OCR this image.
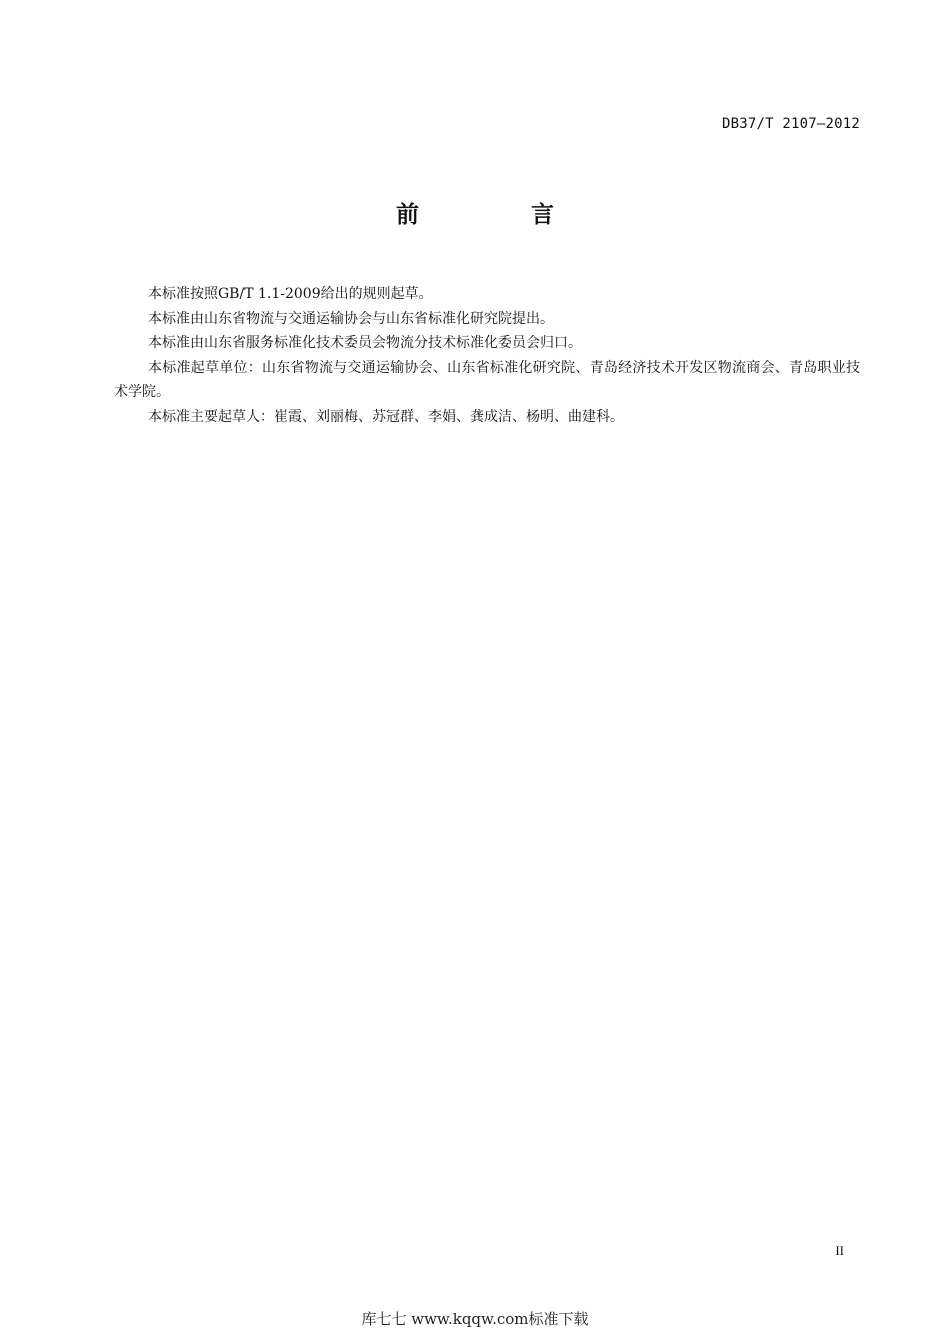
DB37/T 2107—2012
前 言

本标准按照GB/T 1.1-2009给出的规则起草。

本标准由山东省物流与交通运输协会与山东省标准化研究院提出。

本标准由山东省服务标准化技术委员会物流分技术标准化委员会归口。

本标准起草单位：山东省物流与交通运输协会、山东省标准化研究院、青岛经济技术开发区物流商会、青岛职业技术学院。

本标准主要起草人：崔霞、刘丽梅、苏冠群、李娟、龚成洁、杨明、曲建科。

II
库七七 www.kqqw.com标准下载
